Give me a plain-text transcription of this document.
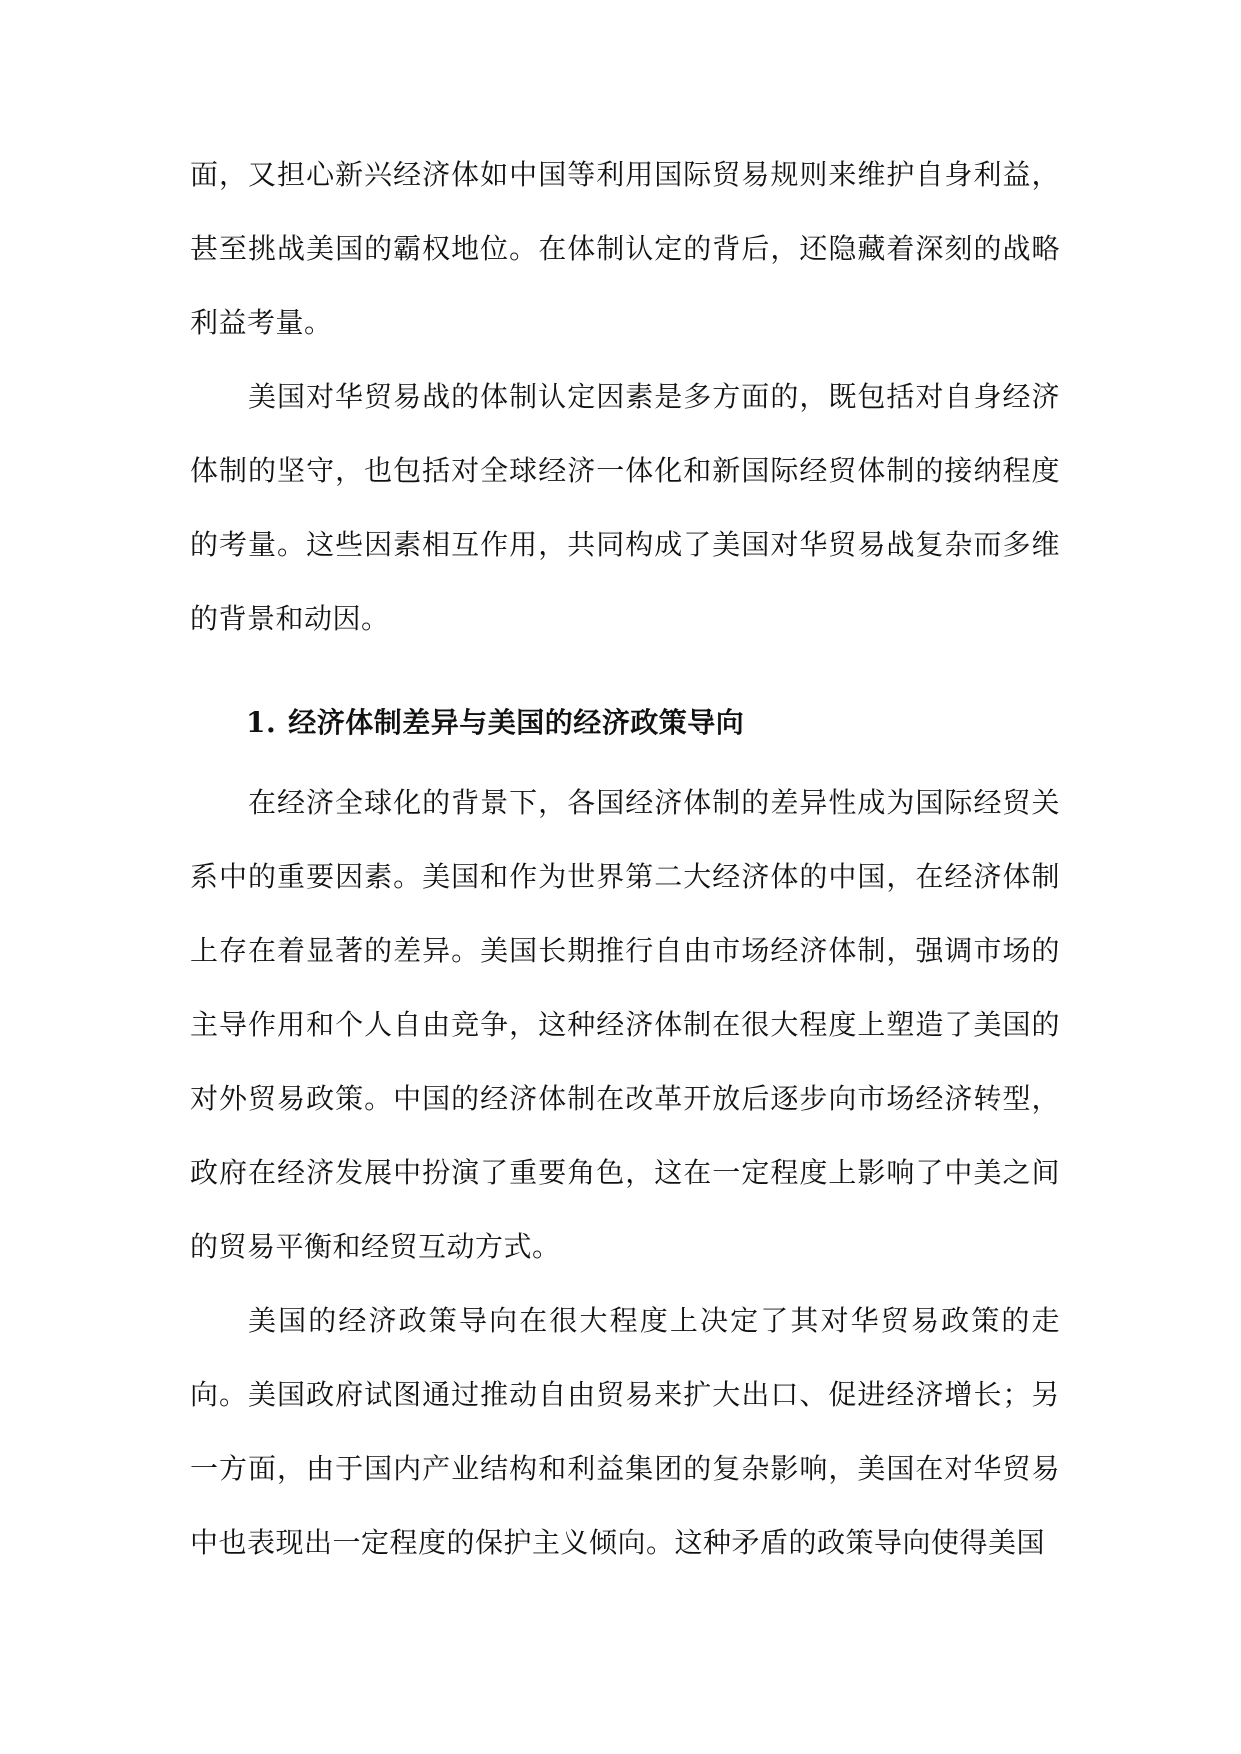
面，又担心新兴经济体如中国等利用国际贸易规则来维护自身利益，甚至挑战美国的霸权地位。在体制认定的背后，还隐藏着深刻的战略利益考量。

美国对华贸易战的体制认定因素是多方面的，既包括对自身经济体制的坚守，也包括对全球经济一体化和新国际经贸体制的接纳程度的考量。这些因素相互作用，共同构成了美国对华贸易战复杂而多维的背景和动因。

1. 经济体制差异与美国的经济政策导向

在经济全球化的背景下，各国经济体制的差异性成为国际经贸关系中的重要因素。美国和作为世界第二大经济体的中国，在经济体制上存在着显著的差异。美国长期推行自由市场经济体制，强调市场的主导作用和个人自由竞争，这种经济体制在很大程度上塑造了美国的对外贸易政策。中国的经济体制在改革开放后逐步向市场经济转型，政府在经济发展中扮演了重要角色，这在一定程度上影响了中美之间的贸易平衡和经贸互动方式。

美国的经济政策导向在很大程度上决定了其对华贸易政策的走向。美国政府试图通过推动自由贸易来扩大出口、促进经济增长；另一方面，由于国内产业结构和利益集团的复杂影响，美国在对华贸易中也表现出一定程度的保护主义倾向。这种矛盾的政策导向使得美国
